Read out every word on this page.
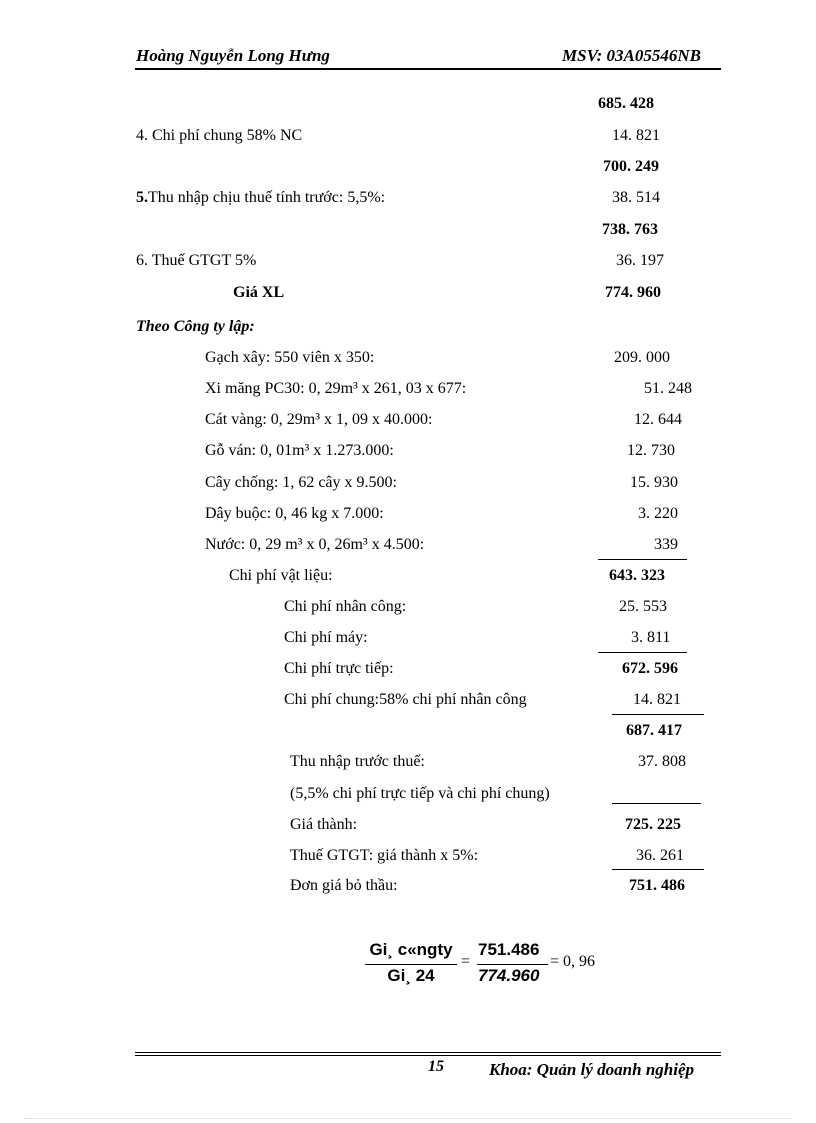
Hoàng Nguyễn Long Hưng	MSV: 03A05546NB
685. 428
4. Chi phí chung 58% NC	14. 821
700. 249
5.Thu nhập chịu thuế tính trước: 5,5%:	38. 514
738. 763
6. Thuế GTGT 5%	36. 197
Giá XL	774. 960
Theo Công ty lập:
Gạch xây: 550 viên x 350:	209. 000
Xi măng PC30: 0, 29m³ x 261, 03 x 677:	51. 248
Cát vàng: 0, 29m³ x 1, 09 x 40.000:	12. 644
Gỗ ván: 0, 01m³ x 1.273.000:	12. 730
Cây chống: 1, 62 cây x 9.500:	15. 930
Dây buộc: 0, 46 kg x 7.000:	3. 220
Nước: 0, 29 m³ x 0, 26m³ x 4.500:	339
Chi phí vật liệu:	643. 323
Chi phí nhân công:	25. 553
Chi phí máy:	3. 811
Chi phí trực tiếp:	672. 596
Chi phí chung:58% chi phí nhân công	14. 821
687. 417
Thu nhập trước thuế:	37. 808
(5,5% chi phí trực tiếp và chi phí chung)
Giá thành:	725. 225
Thuế GTGT: giá thành x 5%:	36. 261
Đơn giá bỏ thầu:	751. 486
Gi¸ c«ngty
Gi¸ 24
=
751.486
774.960
= 0, 96
15	Khoa: Quản lý doanh nghiệp
